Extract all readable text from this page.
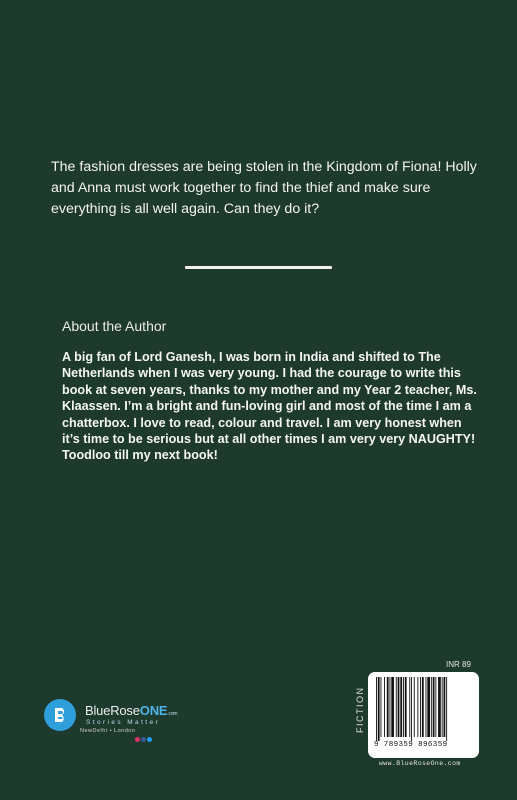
The fashion dresses are being stolen in the Kingdom of Fiona! Holly and Anna must work together to find the thief and make sure everything is all well again. Can they do it?

About the Author

A big fan of Lord Ganesh, I was born in India and shifted to The Netherlands when I was very young. I had the courage to write this book at seven years, thanks to my mother and my Year 2 teacher, Ms. Klaassen. I’m a bright and fun-loving girl and most of the time I am a chatterbox. I love to read, colour and travel. I am very honest when it’s time to be serious but at all other times I am very very NAUGHTY!

Toodloo till my next book!

BlueRoseONE.com
Stories Matter
NewDelhi • London
INR 89
FICTION
9 789359 896359
www.BlueRoseOne.com
